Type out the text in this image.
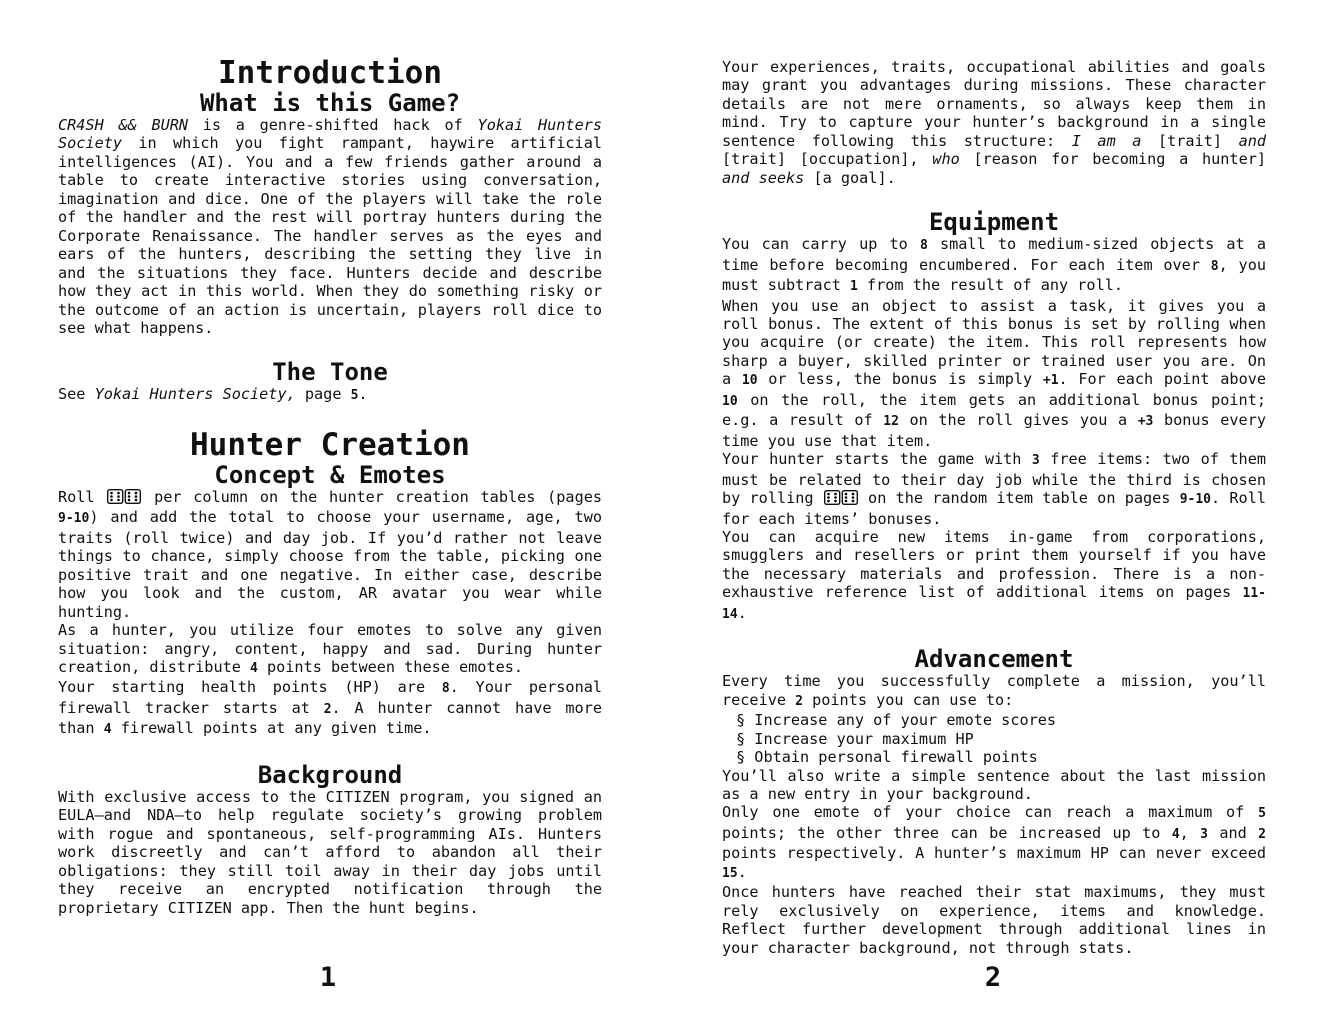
Introduction
What is this Game?

CR4SH && BURN is a genre-shifted hack of Yokai Hunters Society in which you fight rampant, haywire artificial intelligences (AI). You and a few friends gather around a table to create interactive stories using conversation, imagination and dice. One of the players will take the role of the handler and the rest will portray hunters during the Corporate Renaissance. The handler serves as the eyes and ears of the hunters, describing the setting they live in and the situations they face. Hunters decide and describe how they act in this world. When they do something risky or the outcome of an action is uncertain, players roll dice to see what happens.

The Tone

See Yokai Hunters Society, page 5.

Hunter Creation
Concept & Emotes

Roll  per column on the hunter creation tables (pages 9-10) and add the total to choose your username, age, two traits (roll twice) and day job. If you’d rather not leave things to chance, simply choose from the table, picking one positive trait and one negative. In either case, describe how you look and the custom, AR avatar you wear while hunting.

As a hunter, you utilize four emotes to solve any given situation: angry, content, happy and sad. During hunter creation, distribute 4 points between these emotes.

Your starting health points (HP) are 8. Your personal firewall tracker starts at 2. A hunter cannot have more than 4 firewall points at any given time.

Background

With exclusive access to the CITIZEN program, you signed an EULA—and NDA—to help regulate society’s growing problem with rogue and spontaneous, self-programming AIs. Hunters work discreetly and can’t afford to abandon all their obligations: they still toil away in their day jobs until they receive an encrypted notification through the proprietary CITIZEN app. Then the hunt begins.

1

Your experiences, traits, occupational abilities and goals may grant you advantages during missions. These character details are not mere ornaments, so always keep them in mind. Try to capture your hunter’s background in a single sentence following this structure: I am a [trait] and [trait] [occupation], who [reason for becoming a hunter] and seeks [a goal].

Equipment

You can carry up to 8 small to medium-sized objects at a time before becoming encumbered. For each item over 8, you must subtract 1 from the result of any roll.

When you use an object to assist a task, it gives you a roll bonus. The extent of this bonus is set by rolling when you acquire (or create) the item. This roll represents how sharp a buyer, skilled printer or trained user you are. On a 10 or less, the bonus is simply +1. For each point above 10 on the roll, the item gets an additional bonus point; e.g. a result of 12 on the roll gives you a +3 bonus every time you use that item.

Your hunter starts the game with 3 free items: two of them must be related to their day job while the third is chosen by rolling  on the random item table on pages 9-10. Roll for each items’ bonuses.

You can acquire new items in-game from corporations, smugglers and resellers or print them yourself if you have the necessary materials and profession. There is a non-exhaustive reference list of additional items on pages 11-14.

Advancement

Every time you successfully complete a mission, you’ll receive 2 points you can use to:

§ Increase any of your emote scores
§ Increase your maximum HP
§ Obtain personal firewall points

You’ll also write a simple sentence about the last mission as a new entry in your background.

Only one emote of your choice can reach a maximum of 5 points; the other three can be increased up to 4, 3 and 2 points respectively. A hunter’s maximum HP can never exceed 15.

Once hunters have reached their stat maximums, they must rely exclusively on experience, items and knowledge. Reflect further development through additional lines in your character background, not through stats.

2
